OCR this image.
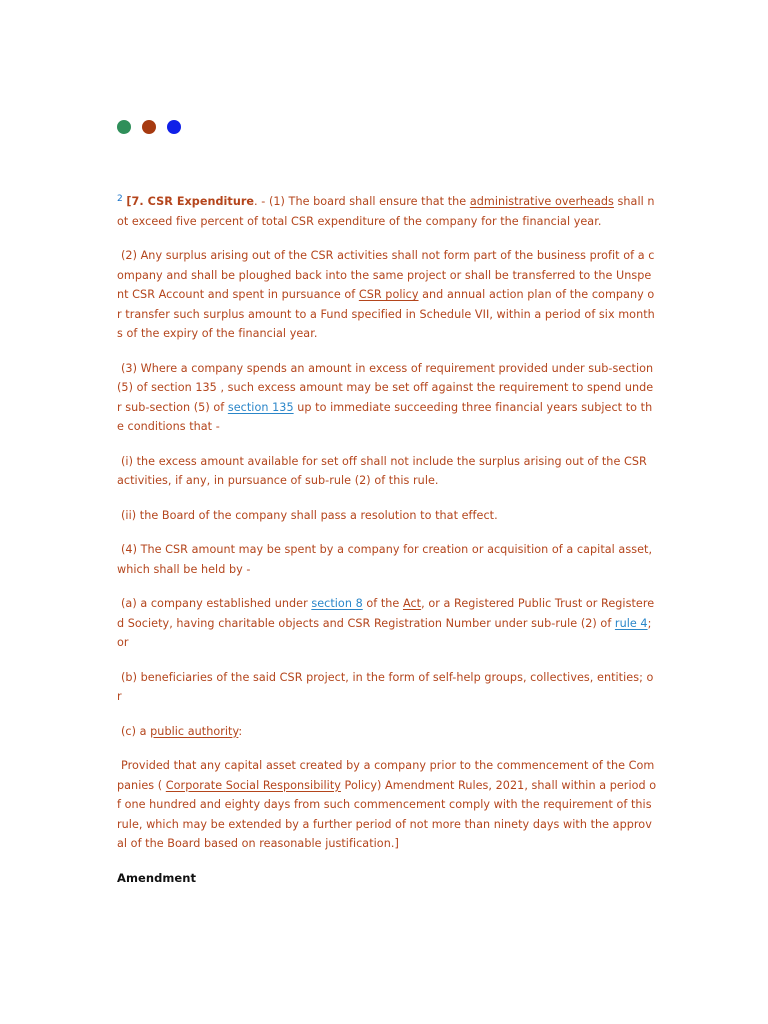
$^2$ [7. CSR Expenditure. - (1) The board shall ensure that the administrative overheads shall not exceed five percent of total CSR expenditure of the company for the financial year.

(2) Any surplus arising out of the CSR activities shall not form part of the business profit of a company and shall be ploughed back into the same project or shall be transferred to the Unspent CSR Account and spent in pursuance of CSR policy and annual action plan of the company or transfer such surplus amount to a Fund specified in Schedule VII, within a period of six months of the expiry of the financial year.

(3) Where a company spends an amount in excess of requirement provided under sub-section (5) of section 135 , such excess amount may be set off against the requirement to spend under sub-section (5) of section 135 up to immediate succeeding three financial years subject to the conditions that -

(i) the excess amount available for set off shall not include the surplus arising out of the CSR activities, if any, in pursuance of sub-rule (2) of this rule.

(ii) the Board of the company shall pass a resolution to that effect.

(4) The CSR amount may be spent by a company for creation or acquisition of a capital asset, which shall be held by -

(a) a company established under section 8 of the Act, or a Registered Public Trust or Registered Society, having charitable objects and CSR Registration Number under sub-rule (2) of rule 4; or

(b) beneficiaries of the said CSR project, in the form of self-help groups, collectives, entities; or

(c) a public authority:

Provided that any capital asset created by a company prior to the commencement of the Companies ( Corporate Social Responsibility Policy) Amendment Rules, 2021, shall within a period of one hundred and eighty days from such commencement comply with the requirement of this rule, which may be extended by a further period of not more than ninety days with the approval of the Board based on reasonable justification.]

Amendment
